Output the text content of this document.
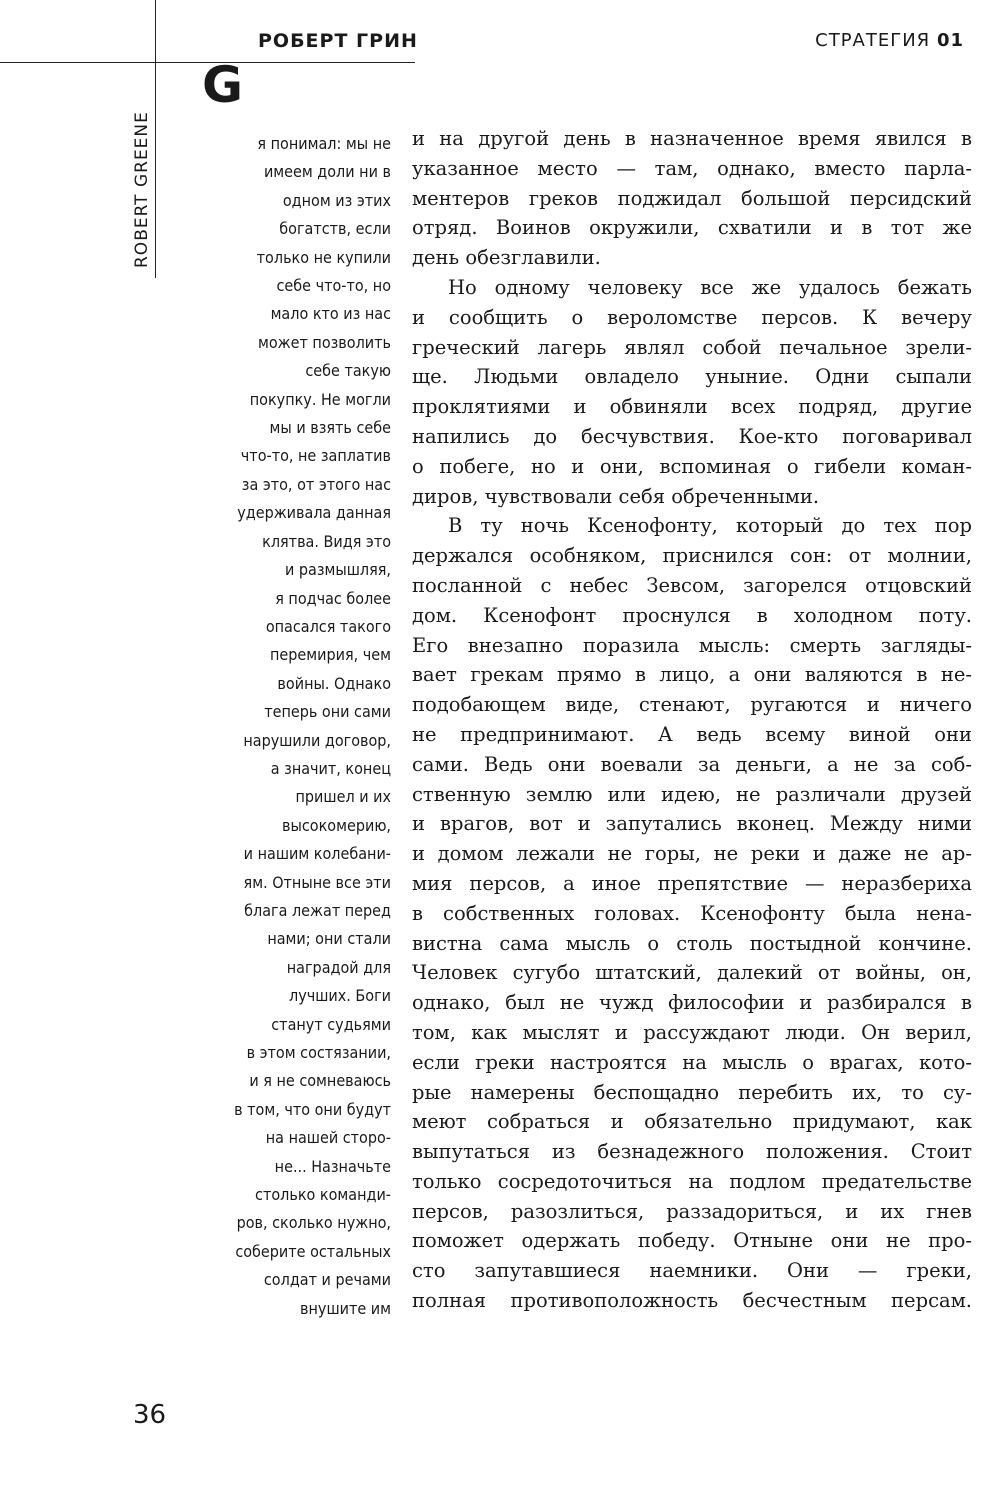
РОБЕРТ ГРИН	СТРАТЕГИЯ 01
G
ROBERT GREENE	я понимал: мы не
имеем доли ни в
одном из этих
богатств, если
только не купили
себе что-то, но
мало кто из нас
может позволить
себе такую
покупку. Не могли
мы и взять себе
что-то, не заплатив
за это, от этого нас
удерживала данная
клятва. Видя это
и размышляя,
я подчас более
опасался такого
перемирия, чем
войны. Однако
теперь они сами
нарушили договор,
а значит, конец
пришел и их
высокомерию,
и нашим колебани-
ям. Отныне все эти
блага лежат перед
нами; они стали
наградой для
лучших. Боги
станут судьями
в этом состязании,
и я не сомневаюсь
в том, что они будут
на нашей сторо-
не... Назначьте
столько команди-
ров, сколько нужно,
соберите остальных
солдат и речами
внушите им
и на другой день в назначенное время явился в
указанное место — там, однако, вместо парла-
ментеров греков поджидал большой персидский
отряд. Воинов окружили, схватили и в тот же
день обезглавили.
Но одному человеку все же удалось бежать
и сообщить о вероломстве персов. К вечеру
греческий лагерь являл собой печальное зрели-
ще. Людьми овладело уныние. Одни сыпали
проклятиями и обвиняли всех подряд, другие
напились до бесчувствия. Кое-кто поговаривал
о побеге, но и они, вспоминая о гибели коман-
диров, чувствовали себя обреченными.
В ту ночь Ксенофонту, который до тех пор
держался особняком, приснился сон: от молнии,
посланной с небес Зевсом, загорелся отцовский
дом. Ксенофонт проснулся в холодном поту.
Его внезапно поразила мысль: смерть загляды-
вает грекам прямо в лицо, а они валяются в не-
подобающем виде, стенают, ругаются и ничего
не предпринимают. А ведь всему виной они
сами. Ведь они воевали за деньги, а не за соб-
ственную землю или идею, не различали друзей
и врагов, вот и запутались вконец. Между ними
и домом лежали не горы, не реки и даже не ар-
мия персов, а иное препятствие — неразбериха
в собственных головах. Ксенофонту была нена-
вистна сама мысль о столь постыдной кончине.
Человек сугубо штатский, далекий от войны, он,
однако, был не чужд философии и разбирался в
том, как мыслят и рассуждают люди. Он верил,
если греки настроятся на мысль о врагах, кото-
рые намерены беспощадно перебить их, то су-
меют собраться и обязательно придумают, как
выпутаться из безнадежного положения. Стоит
только сосредоточиться на подлом предательстве
персов, разозлиться, раззадориться, и их гнев
поможет одержать победу. Отныне они не про-
сто запутавшиеся наемники. Они — греки,
полная противоположность бесчестным персам.
36
